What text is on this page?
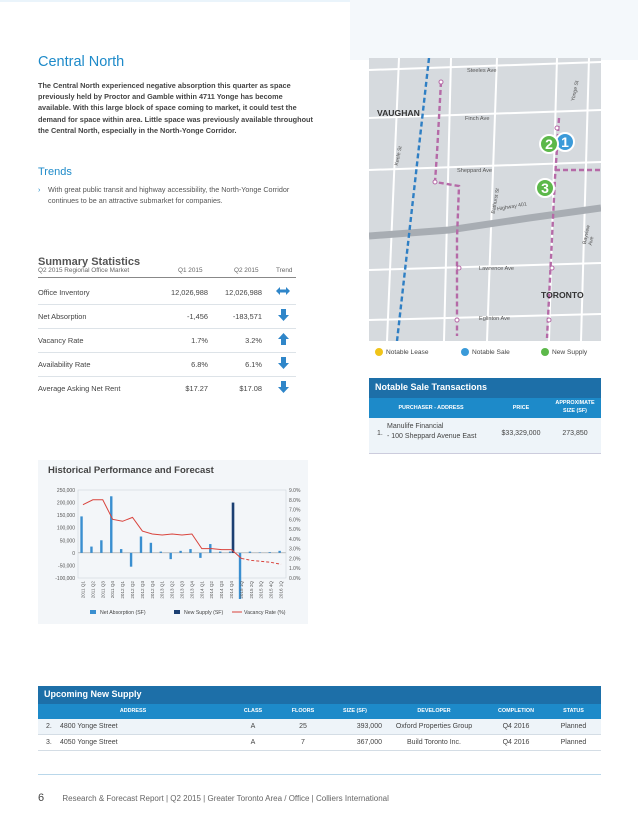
Central North
The Central North experienced negative absorption this quarter as space previously held by Proctor and Gamble within 4711 Yonge has become available. With this large block of space coming to market, it could test the demand for space within area. Little space was previously available throughout the Central North, especially in the North-Yonge Corridor.
Trends
›	With great public transit and highway accessibility, the North-Yonge Corridor continues to be an attractive submarket for companies.
Summary Statistics
Q2 2015 Regional Office Market	Q1 2015	Q2 2015	Trend
Office Inventory	12,026,988	12,026,988
Net Absorption	-1,456	-183,571
Vacancy Rate	1.7%	3.2%
Availability Rate	6.8%	6.1%
Average Asking Net Rent	$17.27	$17.08
VAUGHAN
TORONTO
Steeles Ave
Finch Ave
Sheppard Ave
Lawrence Ave
Eglinton Ave
Keele St
Bathurst St
Yonge St
Bayview Ave
Highway 401
1
2
3
Notable Lease	Notable Sale	New Supply
Notable Sale Transactions
PURCHASER - ADDRESS	PRICE
APPROXIMATE
SIZE (SF)
1.
Manulife Financial
- 100 Sheppard Avenue East	$33,329,000	273,850
Historical Performance and Forecast
250,000
200,000
150,000
100,000
50,000
0
-50,000
-100,000
9.0%
8.0%
7.0%
6.0%
5.0%
4.0%
3.0%
2.0%
1.0%
0.0%
2011 Q1 2011 Q2 2011 Q3 2011 Q4 2012 Q1 2012 Q2 2012 Q3 2012 Q4 2013 Q1 2013 Q2 2013 Q3 2013 Q4 2014 Q1 2014 Q2 2014 Q3 2014 Q4 2015 1Q 2015 2Q 2015 3Q 2015 4Q 2016 1Q
Net Absorption (SF)	New Supply (SF)	Vacancy Rate (%)
Upcoming New Supply
ADDRESS	CLASS	FLOORS	SIZE (SF)	DEVELOPER	COMPLETION	STATUS
2. 4800 Yonge Street	A	25	393,000	Oxford Properties Group	Q4 2016	Planned
3. 4050 Yonge Street	A	7	367,000	Build Toronto Inc.	Q4 2016	Planned
6 Research & Forecast Report | Q2 2015 | Greater Toronto Area / Office | Colliers International
